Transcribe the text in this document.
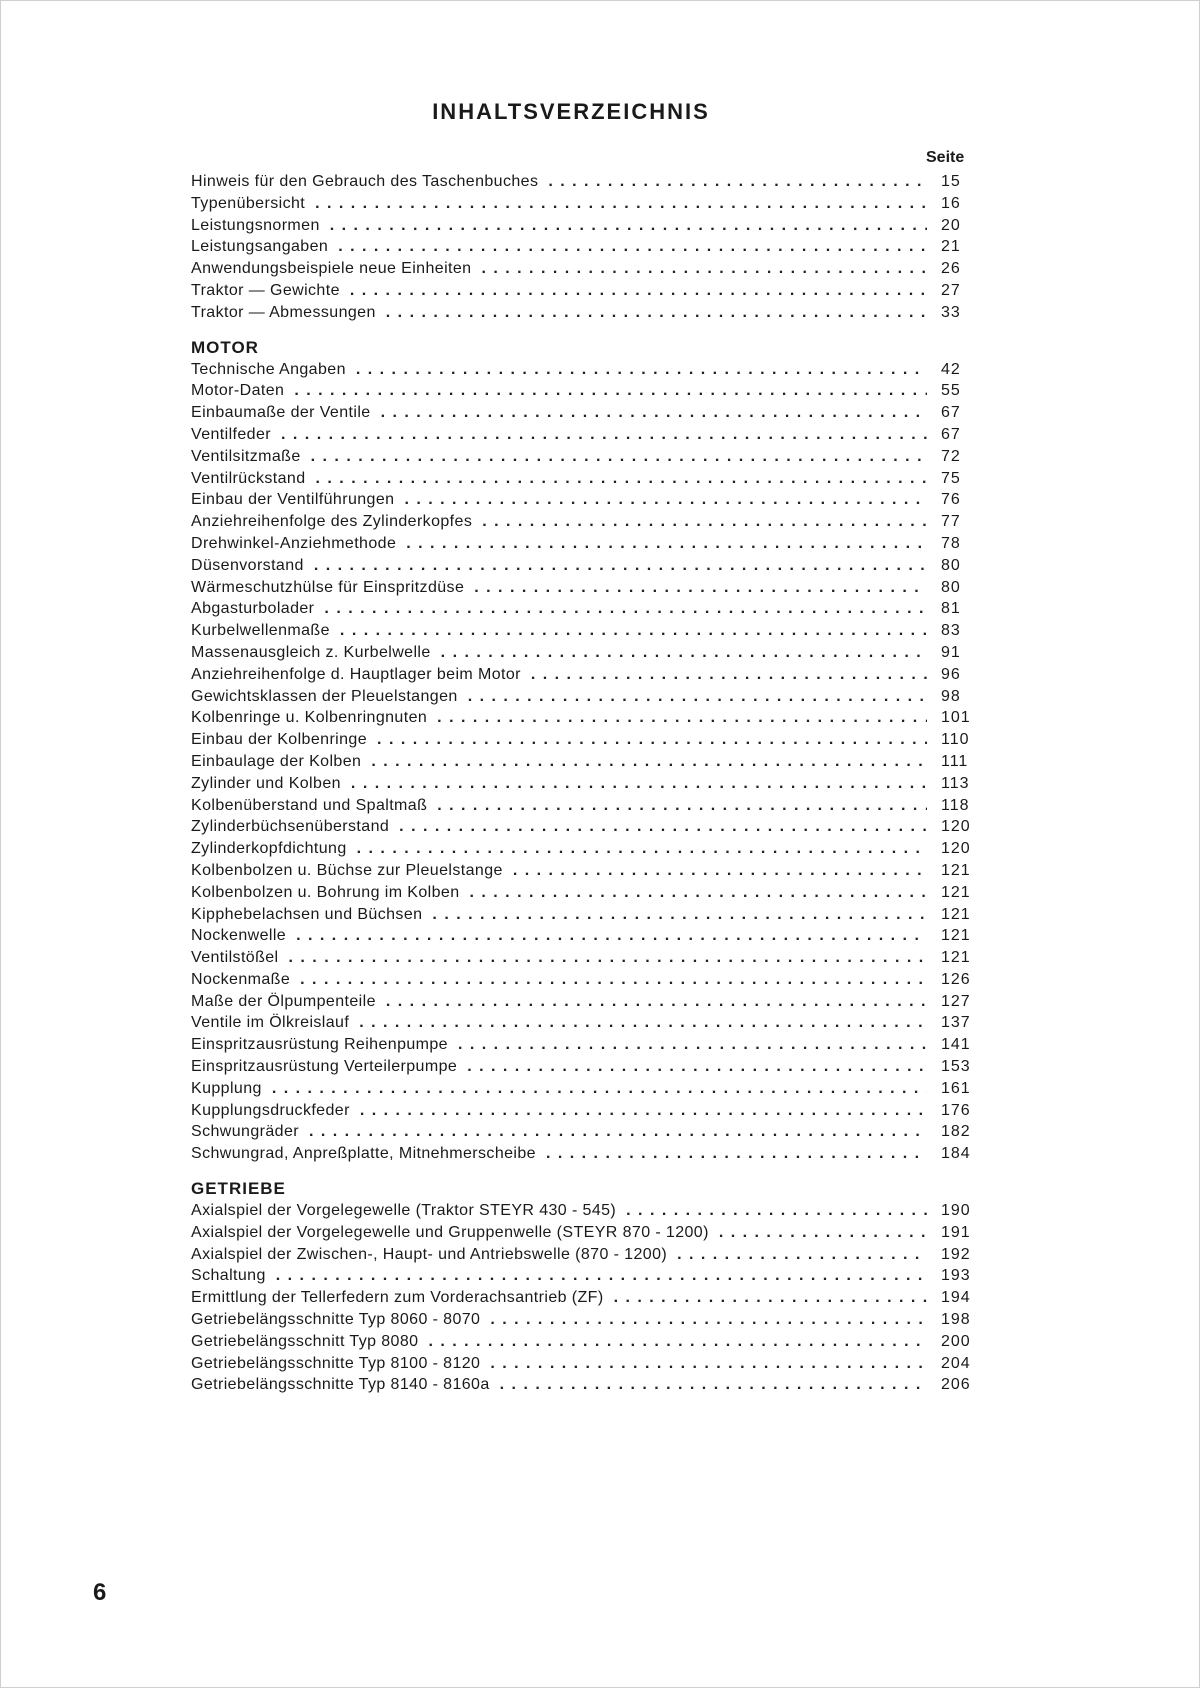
INHALTSVERZEICHNIS
Seite
Hinweis für den Gebrauch des Taschenbuches . . .	15
Typenübersicht . . .	16
Leistungsnormen . . .	20
Leistungsangaben . . .	21
Anwendungsbeispiele neue Einheiten . . .	26
Traktor — Gewichte . . .	27
Traktor — Abmessungen . . .	33
MOTOR
Technische Angaben . . .	42
Motor-Daten . . .	55
Einbaumaße der Ventile . . .	67
Ventilfeder . . .	67
Ventilsitzmaße . . .	72
Ventilrückstand . . .	75
Einbau der Ventilführungen . . .	76
Anziehreihenfolge des Zylinderkopfes . . .	77
Drehwinkel-Anziehmethode . . .	78
Düsenvorstand . . .	80
Wärmeschutzhülse für Einspritzdüse . . .	80
Abgasturbolader . . .	81
Kurbelwellenmaße . . .	83
Massenausgleich z. Kurbelwelle . . .	91
Anziehreihenfolge d. Hauptlager beim Motor . . .	96
Gewichtsklassen der Pleuelstangen . . .	98
Kolbenringe u. Kolbenringnuten . . .	101
Einbau der Kolbenringe . . .	110
Einbaulage der Kolben . . .	111
Zylinder und Kolben . . .	113
Kolbenüberstand und Spaltmaß . . .	118
Zylinderbüchsenüberstand . . .	120
Zylinderkopfdichtung . . .	120
Kolbenbolzen u. Büchse zur Pleuelstange . . .	121
Kolbenbolzen u. Bohrung im Kolben . . .	121
Kipphebelachsen und Büchsen . . .	121
Nockenwelle . . .	121
Ventilstößel . . .	121
Nockenmaße . . .	126
Maße der Ölpumpenteile . . .	127
Ventile im Ölkreislauf . . .	137
Einspritzausrüstung Reihenpumpe . . .	141
Einspritzausrüstung Verteilerpumpe . . .	153
Kupplung . . .	161
Kupplungsdruckfeder . . .	176
Schwungräder . . .	182
Schwungrad, Anpreßplatte, Mitnehmerscheibe . . .	184
GETRIEBE
Axialspiel der Vorgelegewelle (Traktor STEYR 430 - 545) . . .	190
Axialspiel der Vorgelegewelle und Gruppenwelle (STEYR 870 - 1200) . . .	191
Axialspiel der Zwischen-, Haupt- und Antriebswelle (870 - 1200) . . .	192
Schaltung . . .	193
Ermittlung der Tellerfedern zum Vorderachsantrieb (ZF) . . .	194
Getriebelängsschnitte Typ 8060 - 8070 . . .	198
Getriebelängsschnitt Typ 8080 . . .	200
Getriebelängsschnitte Typ 8100 - 8120 . . .	204
Getriebelängsschnitte Typ 8140 - 8160a . . .	206
6
